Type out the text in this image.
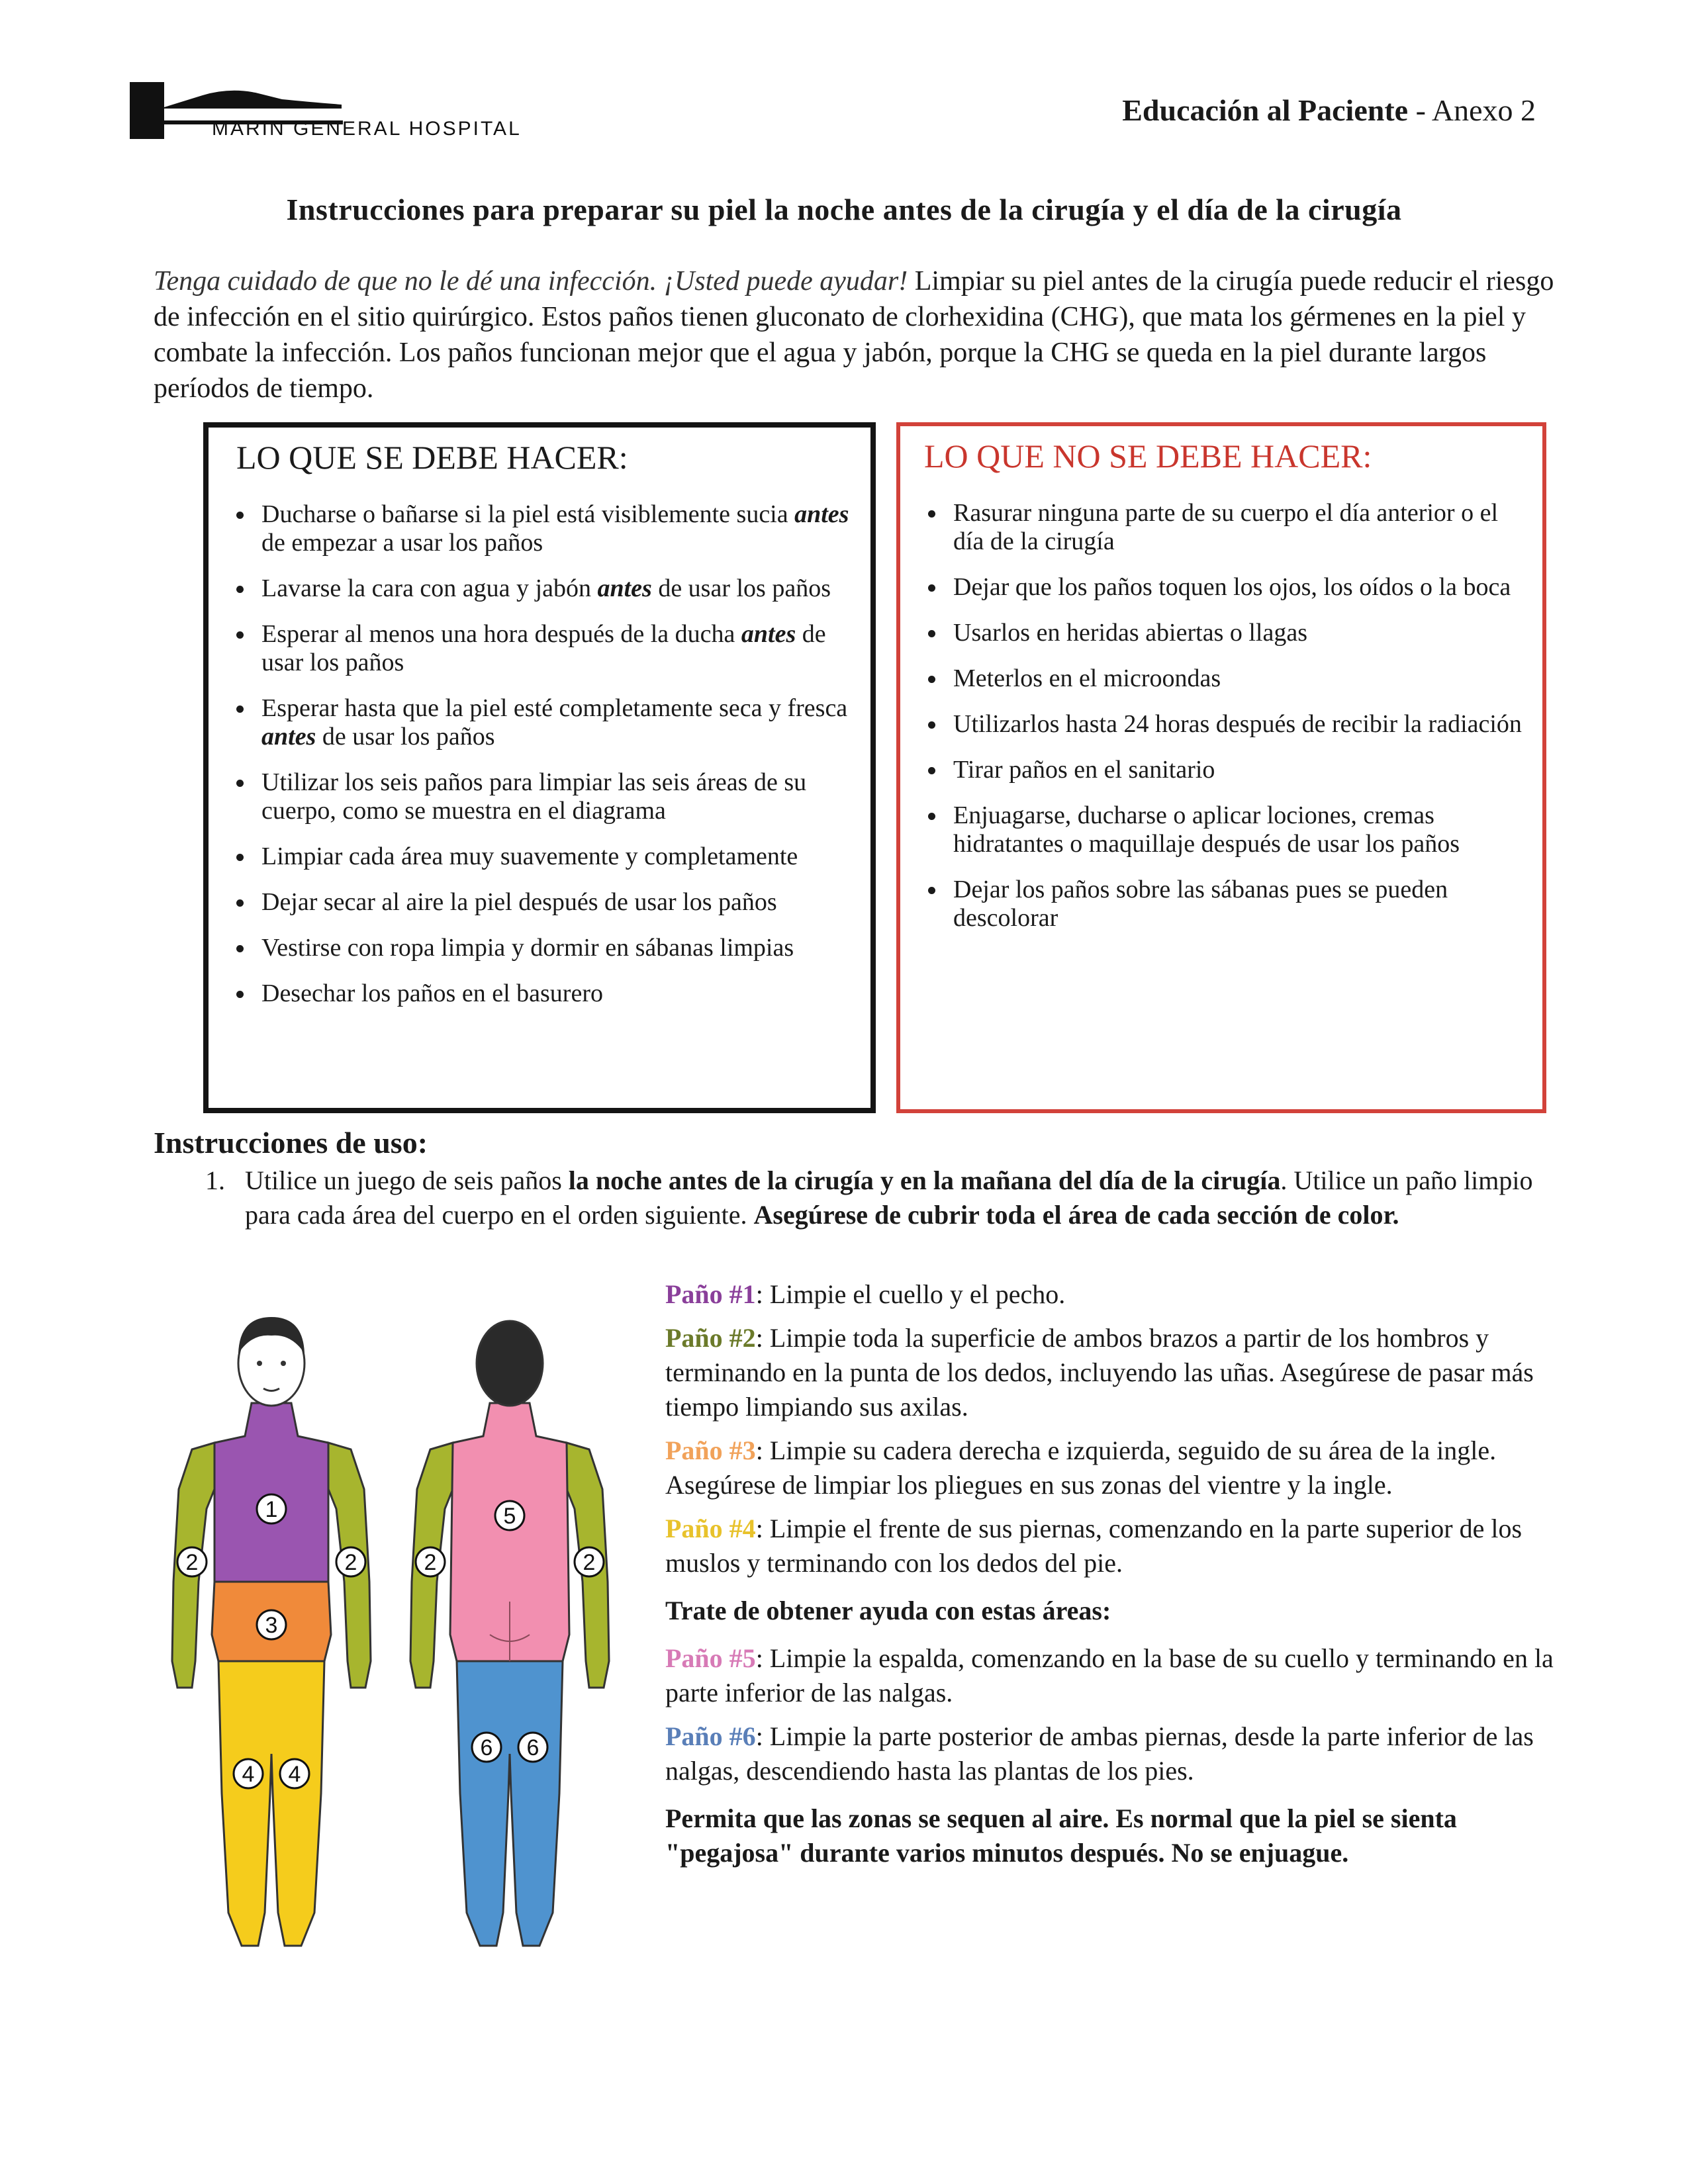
MARIN GENERAL HOSPITAL
Educación al Paciente - Anexo 2
Instrucciones para preparar su piel la noche antes de la cirugía y el día de la cirugía
Tenga cuidado de que no le dé una infección. ¡Usted puede ayudar! Limpiar su piel antes de la cirugía puede reducir el riesgo de infección en el sitio quirúrgico. Estos paños tienen gluconato de clorhexidina (CHG), que mata los gérmenes en la piel y combate la infección. Los paños funcionan mejor que el agua y jabón, porque la CHG se queda en la piel durante largos períodos de tiempo.
LO QUE SE DEBE HACER:
Ducharse o bañarse si la piel está visiblemente sucia antes de empezar a usar los paños
Lavarse la cara con agua y jabón antes de usar los paños
Esperar al menos una hora después de la ducha antes de usar los paños
Esperar hasta que la piel esté completamente seca y fresca antes de usar los paños
Utilizar los seis paños para limpiar las seis áreas de su cuerpo, como se muestra en el diagrama
Limpiar cada área muy suavemente y completamente
Dejar secar al aire la piel después de usar los paños
Vestirse con ropa limpia y dormir en sábanas limpias
Desechar los paños en el basurero
LO QUE NO SE DEBE HACER:
Rasurar ninguna parte de su cuerpo el día anterior o el día de la cirugía
Dejar que los paños toquen los ojos, los oídos o la boca
Usarlos en heridas abiertas o llagas
Meterlos en el microondas
Utilizarlos hasta 24 horas después de recibir la radiación
Tirar paños en el sanitario
Enjuagarse, ducharse o aplicar lociones, cremas hidratantes o maquillaje después de usar los paños
Dejar los paños sobre las sábanas pues se pueden descolorar
Instrucciones de uso:
1. Utilice un juego de seis paños la noche antes de la cirugía y en la mañana del día de la cirugía. Utilice un paño limpio para cada área del cuerpo en el orden siguiente. Asegúrese de cubrir toda el área de cada sección de color.
1
2	2
3
4 4
5
2	2
6 6

Paño #1: Limpie el cuello y el pecho.

Paño #2: Limpie toda la superficie de ambos brazos a partir de los hombros y terminando en la punta de los dedos, incluyendo las uñas. Asegúrese de pasar más tiempo limpiando sus axilas.

Paño #3: Limpie su cadera derecha e izquierda, seguido de su área de la ingle. Asegúrese de limpiar los pliegues en sus zonas del vientre y la ingle.

Paño #4: Limpie el frente de sus piernas, comenzando en la parte superior de los muslos y terminando con los dedos del pie.

Trate de obtener ayuda con estas áreas:

Paño #5: Limpie la espalda, comenzando en la base de su cuello y terminando en la parte inferior de las nalgas.

Paño #6: Limpie la parte posterior de ambas piernas, desde la parte inferior de las nalgas, descendiendo hasta las plantas de los pies.

Permita que las zonas se sequen al aire. Es normal que la piel se sienta "pegajosa" durante varios minutos después. No se enjuague.
